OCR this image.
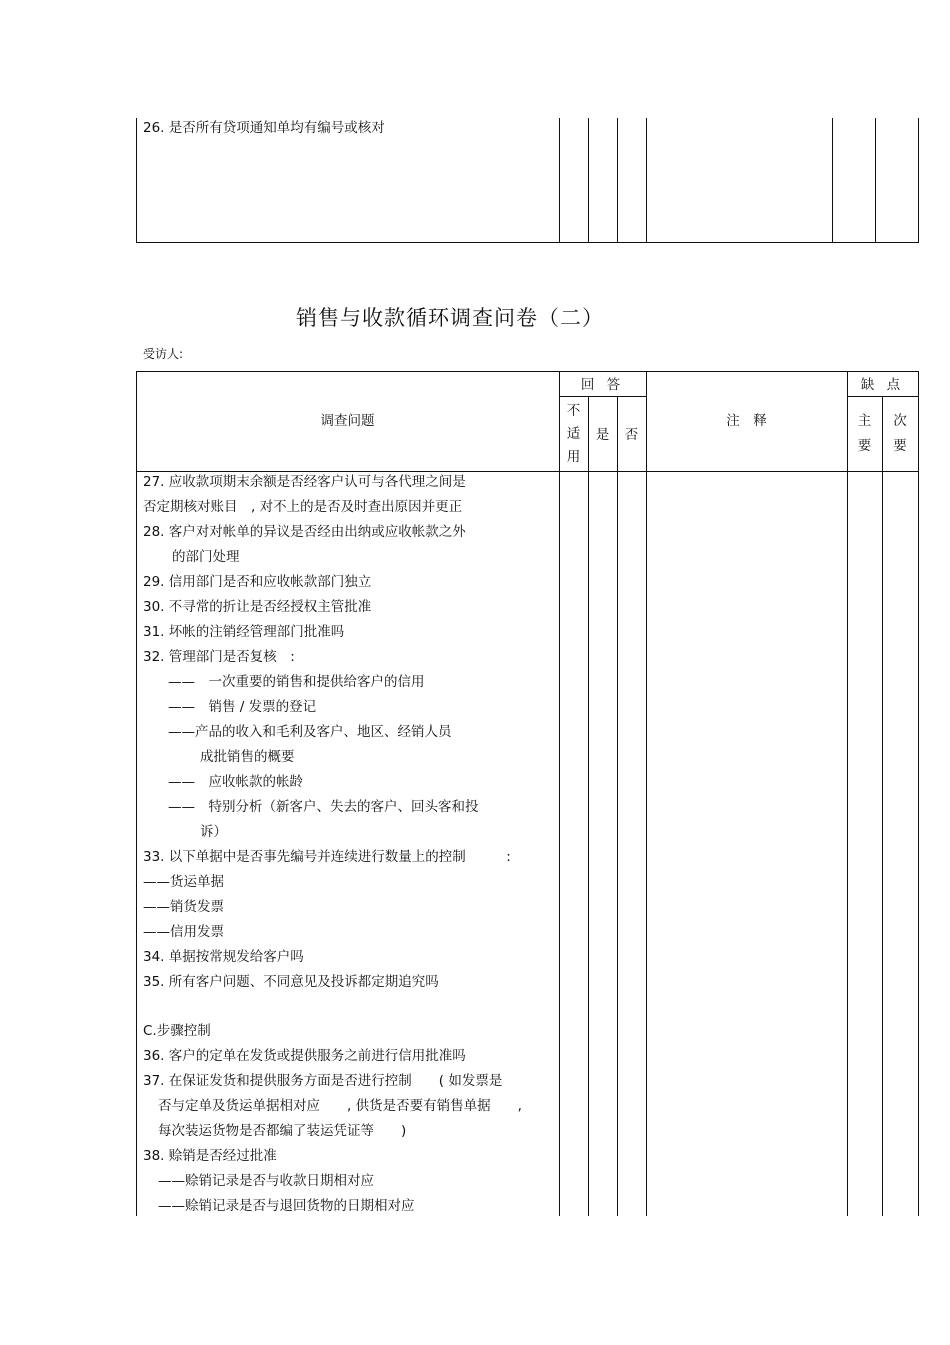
26. 是否所有贷项通知单均有编号或核对
销售与收款循环调查问卷（二）
受访人:
调查问题
回 答
不
适
用
是	否
注　释
缺 点
主
要
次
要
27. 应收款项期末余额是否经客户认可与各代理之间是
否定期核对账目　, 对不上的是否及时查出原因并更正
28. 客户对对帐单的异议是否经由出纳或应收帐款之外
的部门处理
29. 信用部门是否和应收帐款部门独立
30. 不寻常的折让是否经授权主管批准
31. 坏帐的注销经管理部门批准吗
32. 管理部门是否复核　:
——　一次重要的销售和提供给客户的信用
——　销售 / 发票的登记
——产品的收入和毛利及客户、地区、经销人员
成批销售的概要
——　应收帐款的帐龄
——　特别分析（新客户、失去的客户、回头客和投
诉）
33. 以下单据中是否事先编号并连续进行数量上的控制　　　:
——货运单据
——销货发票
——信用发票
34. 单据按常规发给客户吗
35. 所有客户问题、不同意见及投诉都定期追究吗
C.步骤控制
36. 客户的定单在发货或提供服务之前进行信用批准吗
37. 在保证发货和提供服务方面是否进行控制　　( 如发票是
否与定单及货运单据相对应　　, 供货是否要有销售单据　　,
每次装运货物是否都编了装运凭证等　　)
38. 赊销是否经过批准
——赊销记录是否与收款日期相对应
——赊销记录是否与退回货物的日期相对应
